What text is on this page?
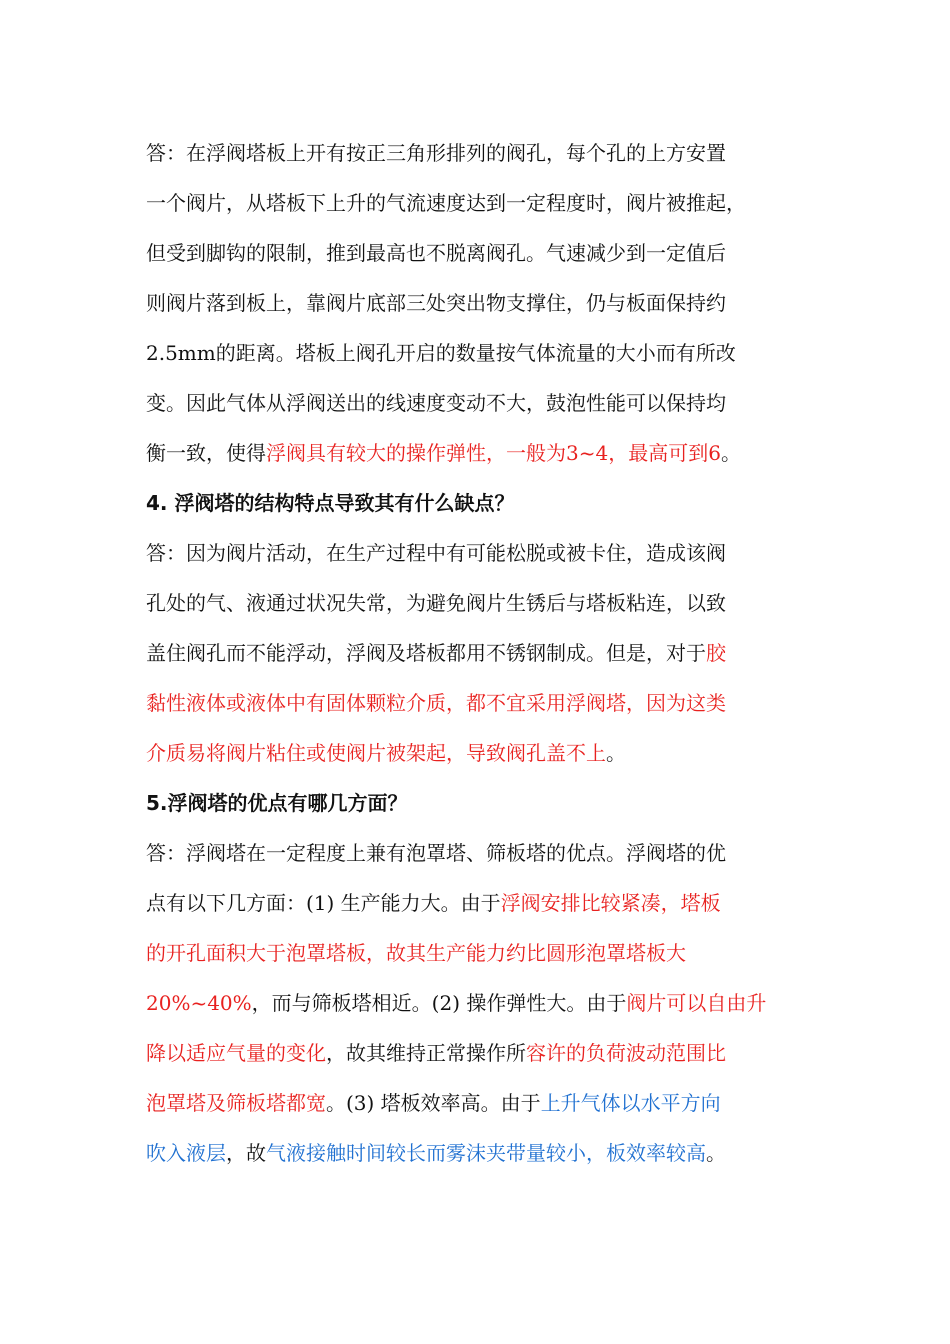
答：在浮阀塔板上开有按正三角形排列的阀孔，每个孔的上方安置
一个阀片，从塔板下上升的气流速度达到一定程度时，阀片被推起，
但受到脚钩的限制，推到最高也不脱离阀孔。气速减少到一定值后
则阀片落到板上，靠阀片底部三处突出物支撑住，仍与板面保持约
2.5mm的距离。塔板上阀孔开启的数量按气体流量的大小而有所改
变。因此气体从浮阀送出的线速度变动不大，鼓泡性能可以保持均
衡一致，使得浮阀具有较大的操作弹性，一般为3~4，最高可到6。
4. 浮阀塔的结构特点导致其有什么缺点？
答：因为阀片活动，在生产过程中有可能松脱或被卡住，造成该阀
孔处的气、液通过状况失常，为避免阀片生锈后与塔板粘连，以致
盖住阀孔而不能浮动，浮阀及塔板都用不锈钢制成。但是，对于胶
黏性液体或液体中有固体颗粒介质，都不宜采用浮阀塔，因为这类
介质易将阀片粘住或使阀片被架起，导致阀孔盖不上。
5.浮阀塔的优点有哪几方面？
答：浮阀塔在一定程度上兼有泡罩塔、筛板塔的优点。浮阀塔的优
点有以下几方面：(1) 生产能力大。由于浮阀安排比较紧凑，塔板
的开孔面积大于泡罩塔板，故其生产能力约比圆形泡罩塔板大
20%~40%，而与筛板塔相近。(2) 操作弹性大。由于阀片可以自由升
降以适应气量的变化，故其维持正常操作所容许的负荷波动范围比
泡罩塔及筛板塔都宽。(3) 塔板效率高。由于上升气体以水平方向
吹入液层，故气液接触时间较长而雾沫夹带量较小，板效率较高。
